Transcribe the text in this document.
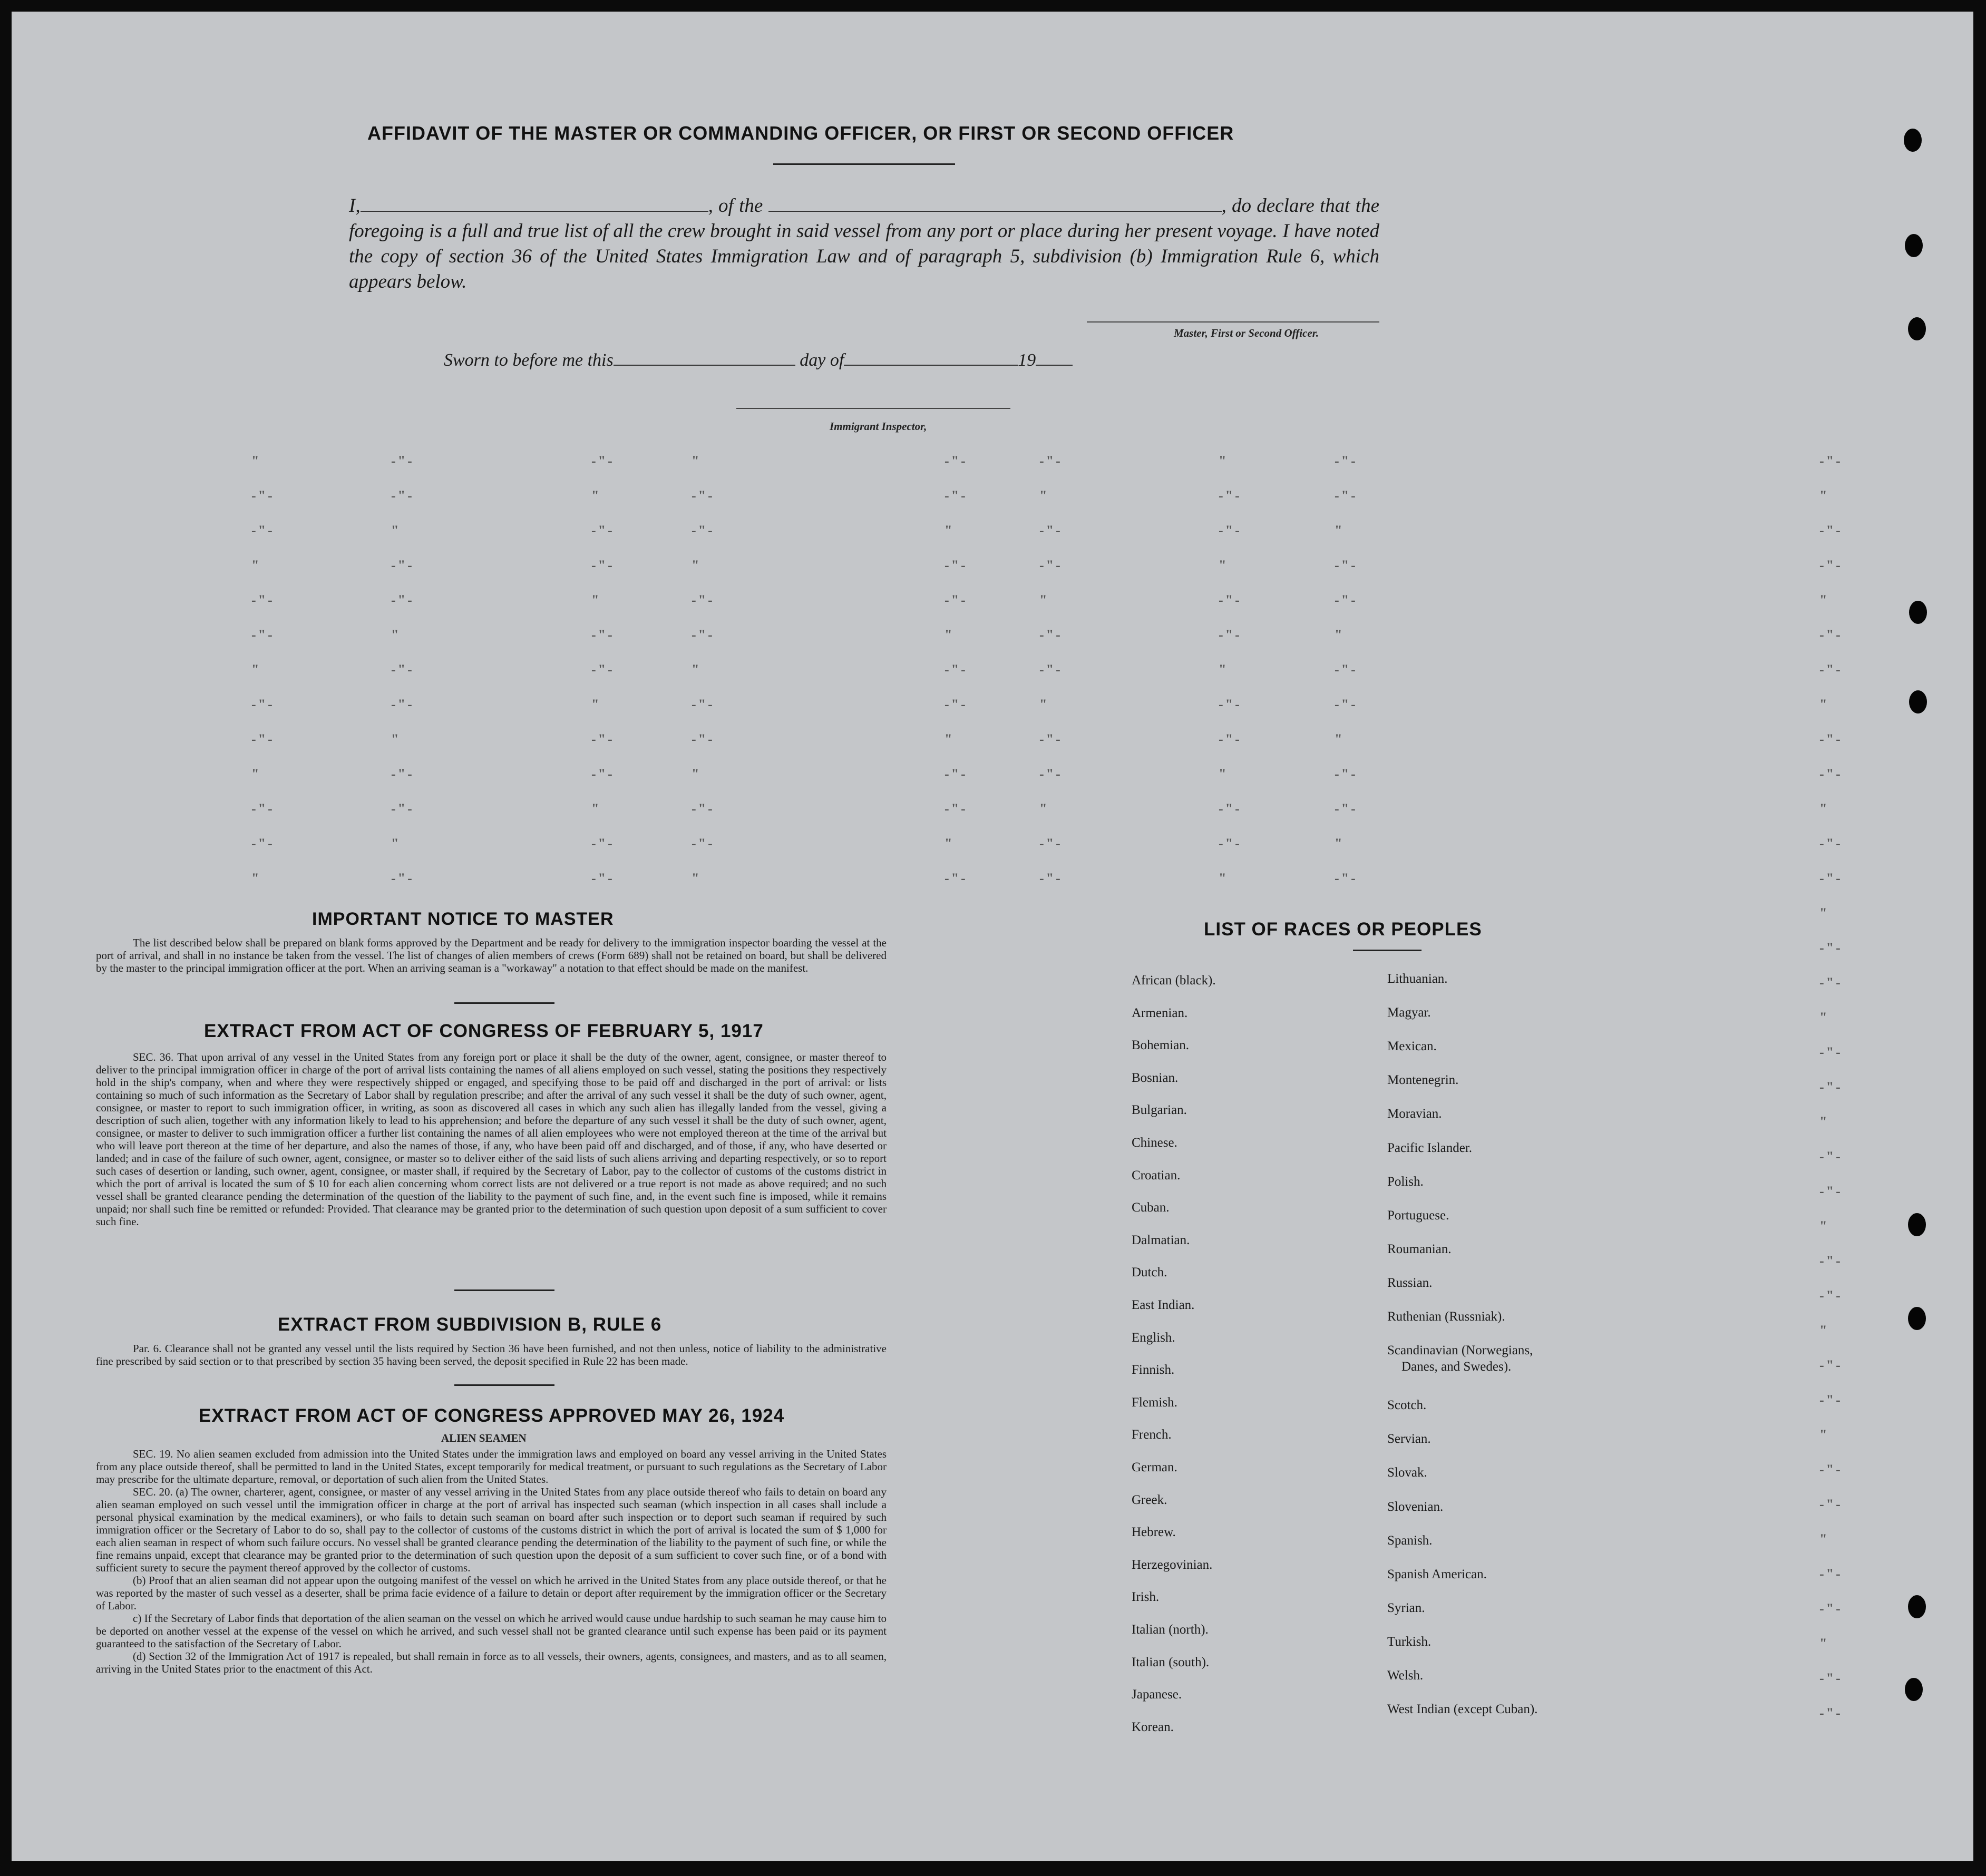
"	-"-	-"-	"	-"-	-"-	"	-"-	-"-
-"-	-"-	"	-"-	-"-	"	-"-	-"-	"
-"-	"	-"-	-"-	"	-"-	-"-	"	-"-
"	-"-	-"-	"	-"-	-"-	"	-"-	-"-
-"-	-"-	"	-"-	-"-	"	-"-	-"-	"
-"-	"	-"-	-"-	"	-"-	-"-	"	-"-
"	-"-	-"-	"	-"-	-"-	"	-"-	-"-
-"-	-"-	"	-"-	-"-	"	-"-	-"-	"
-"-	"	-"-	-"-	"	-"-	-"-	"	-"-
"	-"-	-"-	"	-"-	-"-	"	-"-	-"-
-"-	-"-	"	-"-	-"-	"	-"-	-"-	"
-"-	"	-"-	-"-	"	-"-	-"-	"	-"-
"	-"-	-"-	"	-"-	-"-	"	-"-	-"-
"
-"-
-"-
"
-"-
-"-
"
-"-
-"-
"
-"-
-"-
"
-"-
-"-
"
-"-
-"-
"
-"-
-"-
"
-"-
-"-
AFFIDAVIT OF THE MASTER OR COMMANDING OFFICER, OR FIRST OR SECOND OFFICER
I,	, of the	, do declare that the foregoing is a full and true list of all the crew brought in said vessel from any port or place during her present voyage. I have noted the copy of section 36 of the United States Immigration Law and of paragraph 5, subdivision (b) Immigration Rule 6, which appears below.
Master, First or Second Officer.
Sworn to before me this	day of	19
Immigrant Inspector,
IMPORTANT NOTICE TO MASTER

The list described below shall be prepared on blank forms approved by the Department and be ready for delivery to the immigration inspector boarding the vessel at the port of arrival, and shall in no instance be taken from the vessel. The list of changes of alien members of crews (Form 689) shall not be retained on board, but shall be delivered by the master to the principal immigration officer at the port. When an arriving seaman is a "workaway" a notation to that effect should be made on the manifest.

EXTRACT FROM ACT OF CONGRESS OF FEBRUARY 5, 1917

SEC. 36. That upon arrival of any vessel in the United States from any foreign port or place it shall be the duty of the owner, agent, consignee, or master thereof to deliver to the principal immigration officer in charge of the port of arrival lists containing the names of all aliens employed on such vessel, stating the positions they respectively hold in the ship's company, when and where they were respectively shipped or engaged, and specifying those to be paid off and discharged in the port of arrival: or lists containing so much of such information as the Secretary of Labor shall by regulation prescribe; and after the arrival of any such vessel it shall be the duty of such owner, agent, consignee, or master to report to such immigration officer, in writing, as soon as discovered all cases in which any such alien has illegally landed from the vessel, giving a description of such alien, together with any information likely to lead to his apprehension; and before the departure of any such vessel it shall be the duty of such owner, agent, consignee, or master to deliver to such immigration officer a further list containing the names of all alien employees who were not employed thereon at the time of the arrival but who will leave port thereon at the time of her departure, and also the names of those, if any, who have been paid off and discharged, and of those, if any, who have deserted or landed; and in case of the failure of such owner, agent, consignee, or master so to deliver either of the said lists of such aliens arriving and departing respectively, or so to report such cases of desertion or landing, such owner, agent, consignee, or master shall, if required by the Secretary of Labor, pay to the collector of customs of the customs district in which the port of arrival is located the sum of $ 10 for each alien concerning whom correct lists are not delivered or a true report is not made as above required; and no such vessel shall be granted clearance pending the determination of the question of the liability to the payment of such fine, and, in the event such fine is imposed, while it remains unpaid; nor shall such fine be remitted or refunded: Provided. That clearance may be granted prior to the determination of such question upon deposit of a sum sufficient to cover such fine.

EXTRACT FROM SUBDIVISION B, RULE 6

Par. 6. Clearance shall not be granted any vessel until the lists required by Section 36 have been furnished, and not then unless, notice of liability to the administrative fine prescribed by said section or to that prescribed by section 35 having been served, the deposit specified in Rule 22 has been made.

EXTRACT FROM ACT OF CONGRESS APPROVED MAY 26, 1924
ALIEN SEAMEN

SEC. 19. No alien seamen excluded from admission into the United States under the immigration laws and employed on board any vessel arriving in the United States from any place outside thereof, shall be permitted to land in the United States, except temporarily for medical treatment, or pursuant to such regulations as the Secretary of Labor may prescribe for the ultimate departure, removal, or deportation of such alien from the United States.

SEC. 20. (a) The owner, charterer, agent, consignee, or master of any vessel arriving in the United States from any place outside thereof who fails to detain on board any alien seaman employed on such vessel until the immigration officer in charge at the port of arrival has inspected such seaman (which inspection in all cases shall include a personal physical examination by the medical examiners), or who fails to detain such seaman on board after such inspection or to deport such seaman if required by such immigration officer or the Secretary of Labor to do so, shall pay to the collector of customs of the customs district in which the port of arrival is located the sum of $ 1,000 for each alien seaman in respect of whom such failure occurs. No vessel shall be granted clearance pending the determination of the liability to the payment of such fine, or while the fine remains unpaid, except that clearance may be granted prior to the determination of such question upon the deposit of a sum sufficient to cover such fine, or of a bond with sufficient surety to secure the payment thereof approved by the collector of customs.

(b) Proof that an alien seaman did not appear upon the outgoing manifest of the vessel on which he arrived in the United States from any place outside thereof, or that he was reported by the master of such vessel as a deserter, shall be prima facie evidence of a failure to detain or deport after requirement by the immigration officer or the Secretary of Labor.

c) If the Secretary of Labor finds that deportation of the alien seaman on the vessel on which he arrived would cause undue hardship to such seaman he may cause him to be deported on another vessel at the expense of the vessel on which he arrived, and such vessel shall not be granted clearance until such expense has been paid or its payment guaranteed to the satisfaction of the Secretary of Labor.

(d) Section 32 of the Immigration Act of 1917 is repealed, but shall remain in force as to all vessels, their owners, agents, consignees, and masters, and as to all seamen, arriving in the United States prior to the enactment of this Act.

LIST OF RACES OR PEOPLES
African (black).
Armenian.
Bohemian.
Bosnian.
Bulgarian.
Chinese.
Croatian.
Cuban.
Dalmatian.
Dutch.
East Indian.
English.
Finnish.
Flemish.
French.
German.
Greek.
Hebrew.
Herzegovinian.
Irish.
Italian (north).
Italian (south).
Japanese.
Korean.
Lithuanian.
Magyar.
Mexican.
Montenegrin.
Moravian.
Pacific Islander.
Polish.
Portuguese.
Roumanian.
Russian.
Ruthenian (Russniak).
Scandinavian (Norwegians,
Scotch.
Servian.
Slovak.
Slovenian.
Spanish.
Spanish American.
Syrian.
Turkish.
Welsh.
West Indian (except Cuban).
Danes, and Swedes).
